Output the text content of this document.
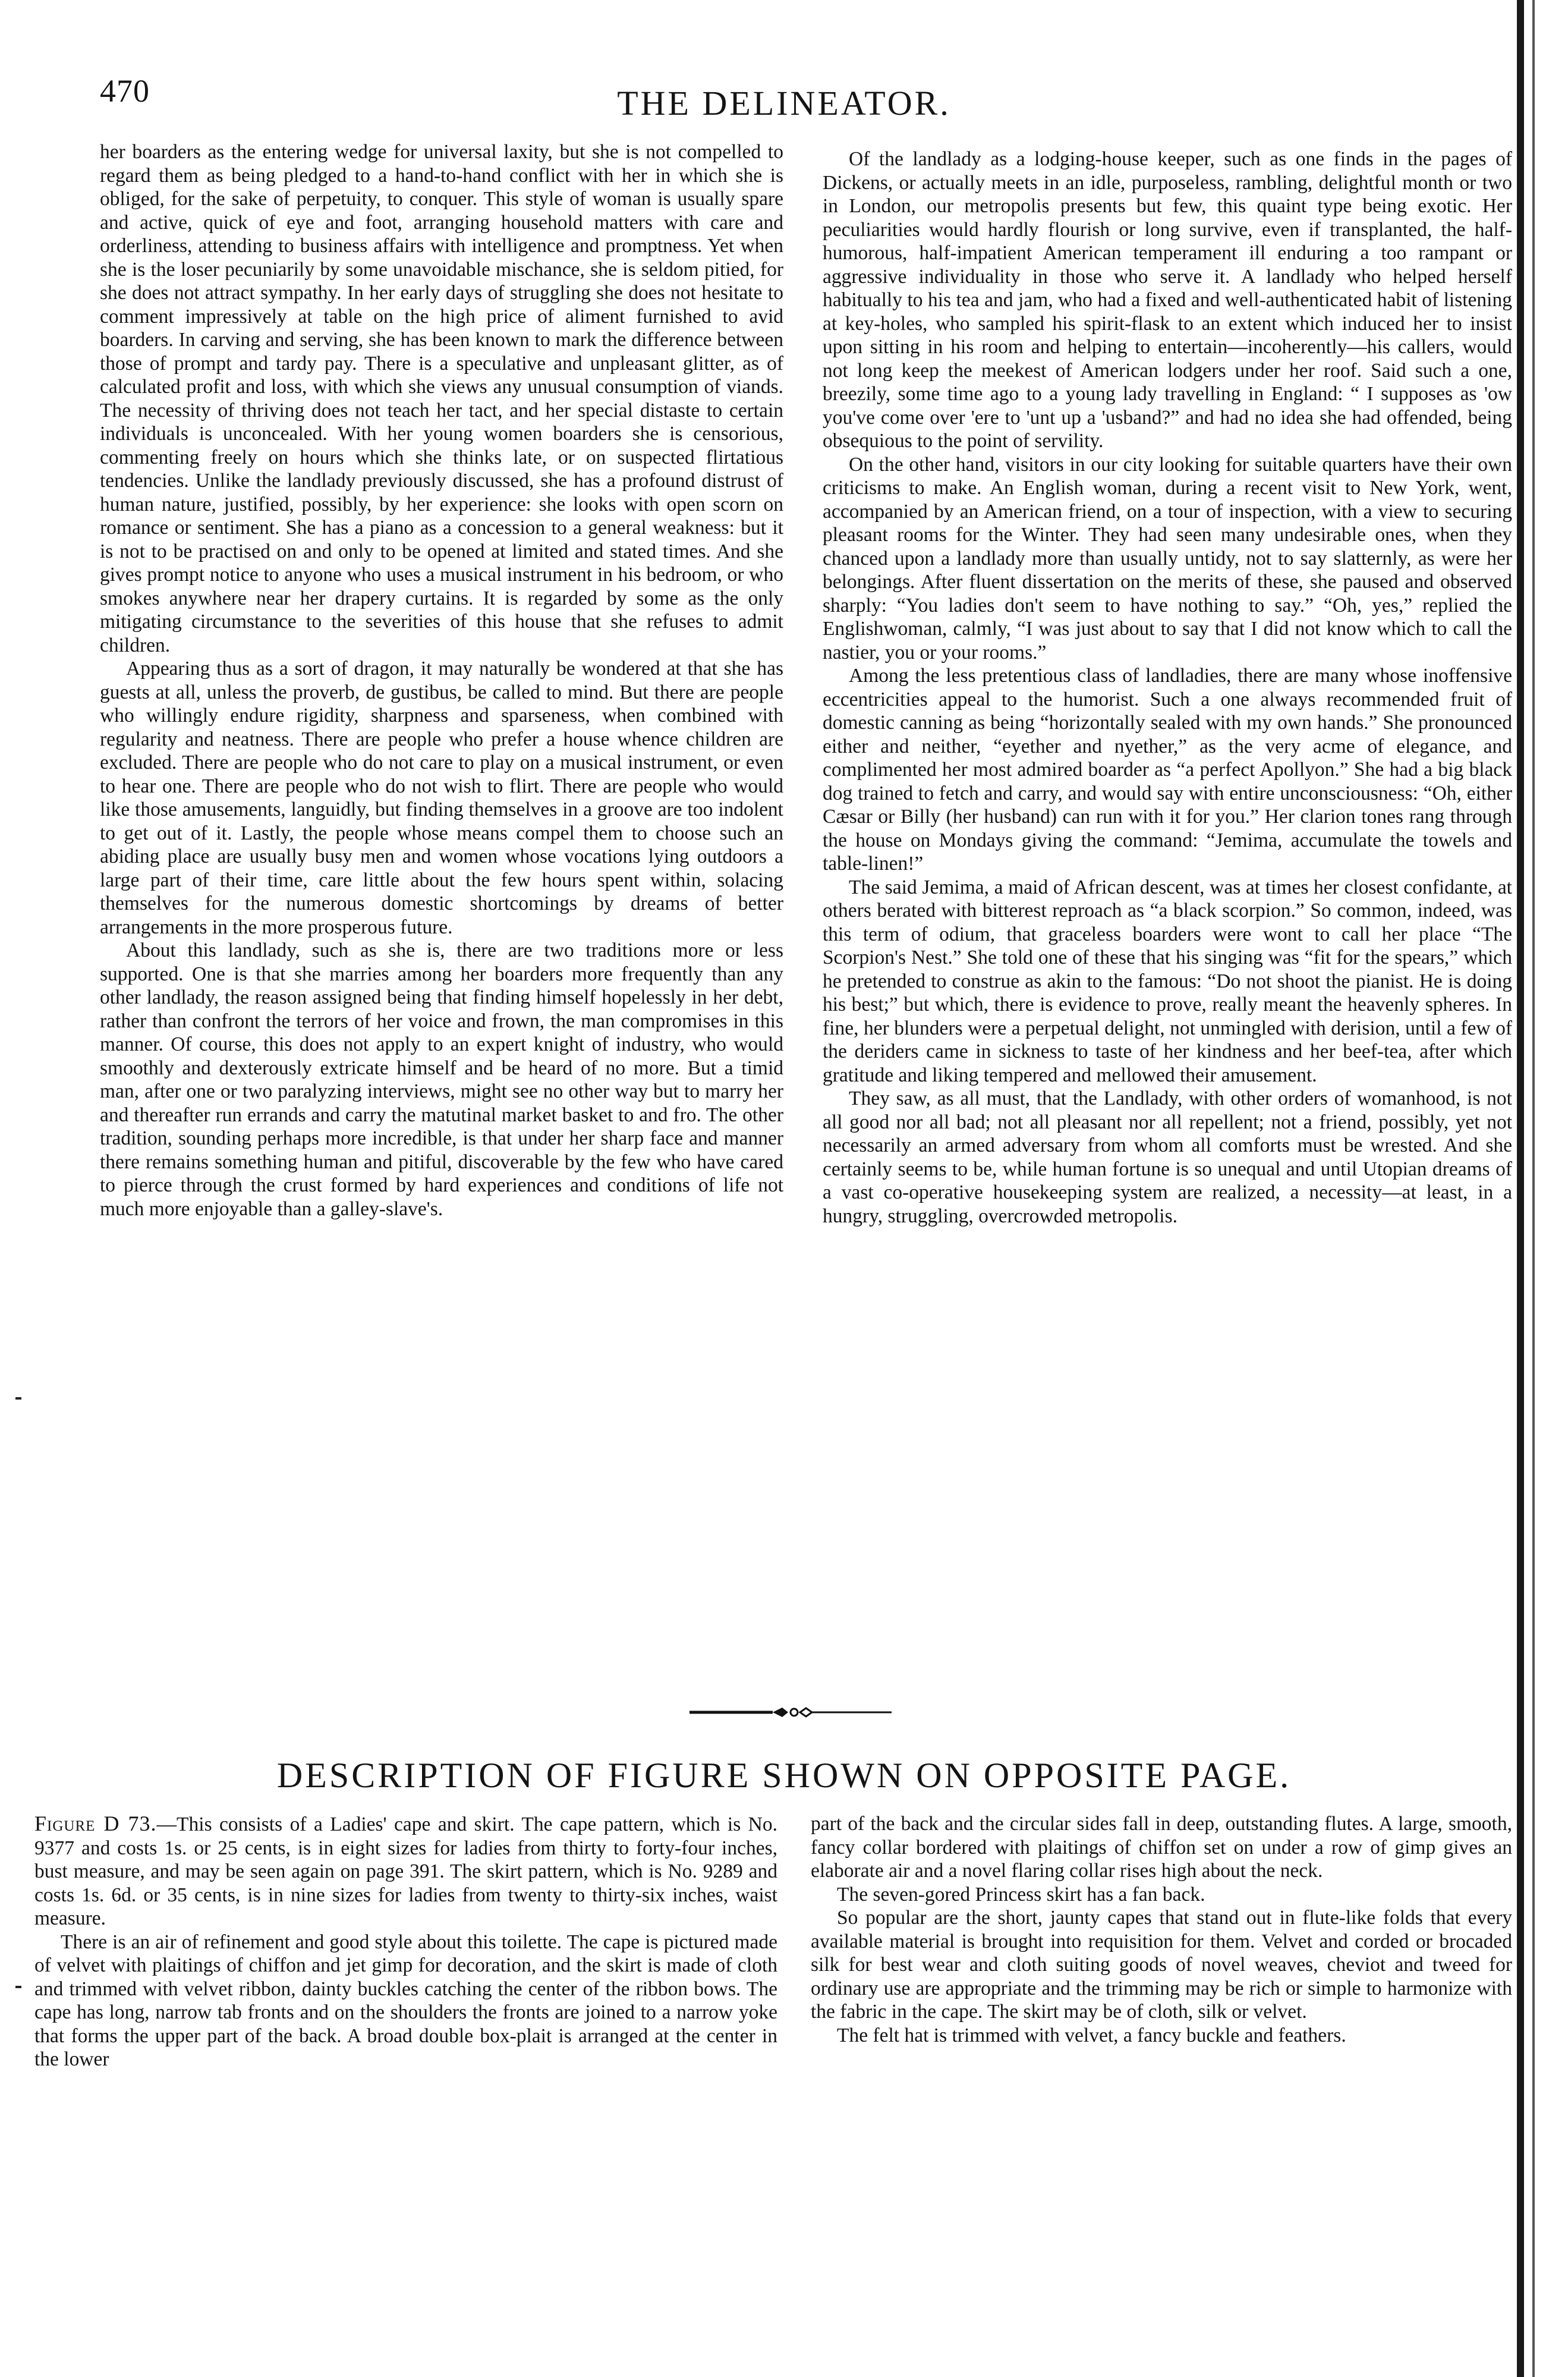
470	THE DELINEATOR.

her boarders as the entering wedge for universal laxity, but she is not compelled to regard them as being pledged to a hand-to-hand conflict with her in which she is obliged, for the sake of perpetuity, to conquer. This style of woman is usually spare and active, quick of eye and foot, arranging household matters with care and orderliness, attending to business affairs with intelligence and promptness. Yet when she is the loser pecuniarily by some unavoidable mischance, she is seldom pitied, for she does not attract sympathy. In her early days of struggling she does not hesitate to comment impressively at table on the high price of aliment furnished to avid boarders. In carving and serving, she has been known to mark the difference between those of prompt and tardy pay. There is a speculative and unpleasant glitter, as of calculated profit and loss, with which she views any unusual consumption of viands. The necessity of thriving does not teach her tact, and her special distaste to certain individuals is unconcealed. With her young women boarders she is censorious, commenting freely on hours which she thinks late, or on suspected flirtatious tendencies. Unlike the landlady previously discussed, she has a profound distrust of human nature, justified, possibly, by her experience: she looks with open scorn on romance or sentiment. She has a piano as a concession to a general weakness: but it is not to be practised on and only to be opened at limited and stated times. And she gives prompt notice to anyone who uses a musical instrument in his bedroom, or who smokes anywhere near her drapery curtains. It is regarded by some as the only mitigating circumstance to the severities of this house that she refuses to admit children.

Appearing thus as a sort of dragon, it may naturally be wondered at that she has guests at all, unless the proverb, de gustibus, be called to mind. But there are people who willingly endure rigidity, sharpness and sparseness, when combined with regularity and neatness. There are people who prefer a house whence children are excluded. There are people who do not care to play on a musical instrument, or even to hear one. There are people who do not wish to flirt. There are people who would like those amusements, languidly, but finding themselves in a groove are too indolent to get out of it. Lastly, the people whose means compel them to choose such an abiding place are usually busy men and women whose vocations lying outdoors a large part of their time, care little about the few hours spent within, solacing themselves for the numerous domestic shortcomings by dreams of better arrangements in the more prosperous future.

About this landlady, such as she is, there are two traditions more or less supported. One is that she marries among her boarders more frequently than any other landlady, the reason assigned being that finding himself hopelessly in her debt, rather than confront the terrors of her voice and frown, the man compromises in this manner. Of course, this does not apply to an expert knight of industry, who would smoothly and dexterously extricate himself and be heard of no more. But a timid man, after one or two paralyzing interviews, might see no other way but to marry her and thereafter run errands and carry the matutinal market basket to and fro. The other tradition, sounding perhaps more incredible, is that under her sharp face and manner there remains something human and pitiful, discoverable by the few who have cared to pierce through the crust formed by hard experiences and conditions of life not much more enjoyable than a galley-slave's.

Of the landlady as a lodging-house keeper, such as one finds in the pages of Dickens, or actually meets in an idle, purposeless, rambling, delightful month or two in London, our metropolis presents but few, this quaint type being exotic. Her peculiarities would hardly flourish or long survive, even if transplanted, the half-humorous, half-impatient American temperament ill enduring a too rampant or aggressive individuality in those who serve it. A landlady who helped herself habitually to his tea and jam, who had a fixed and well-authenticated habit of listening at key-holes, who sampled his spirit-flask to an extent which induced her to insist upon sitting in his room and helping to entertain—incoherently—his callers, would not long keep the meekest of American lodgers under her roof. Said such a one, breezily, some time ago to a young lady travelling in England: “ I supposes as 'ow you've come over 'ere to 'unt up a 'usband?” and had no idea she had offended, being obsequious to the point of servility.

On the other hand, visitors in our city looking for suitable quarters have their own criticisms to make. An English woman, during a recent visit to New York, went, accompanied by an American friend, on a tour of inspection, with a view to securing pleasant rooms for the Winter. They had seen many undesirable ones, when they chanced upon a landlady more than usually untidy, not to say slatternly, as were her belongings. After fluent dissertation on the merits of these, she paused and observed sharply: “You ladies don't seem to have nothing to say.” “Oh, yes,” replied the Englishwoman, calmly, “I was just about to say that I did not know which to call the nastier, you or your rooms.”

Among the less pretentious class of landladies, there are many whose inoffensive eccentricities appeal to the humorist. Such a one always recommended fruit of domestic canning as being “horizontally sealed with my own hands.” She pronounced either and neither, “eyether and nyether,” as the very acme of elegance, and complimented her most admired boarder as “a perfect Apollyon.” She had a big black dog trained to fetch and carry, and would say with entire unconsciousness: “Oh, either Cæsar or Billy (her husband) can run with it for you.” Her clarion tones rang through the house on Mondays giving the command: “Jemima, accumulate the towels and table-linen!”

The said Jemima, a maid of African descent, was at times her closest confidante, at others berated with bitterest reproach as “a black scorpion.” So common, indeed, was this term of odium, that graceless boarders were wont to call her place “The Scorpion's Nest.” She told one of these that his singing was “fit for the spears,” which he pretended to construe as akin to the famous: “Do not shoot the pianist. He is doing his best;” but which, there is evidence to prove, really meant the heavenly spheres. In fine, her blunders were a perpetual delight, not unmingled with derision, until a few of the deriders came in sickness to taste of her kindness and her beef-tea, after which gratitude and liking tempered and mellowed their amusement.

They saw, as all must, that the Landlady, with other orders of womanhood, is not all good nor all bad; not all pleasant nor all repellent; not a friend, possibly, yet not necessarily an armed adversary from whom all comforts must be wrested. And she certainly seems to be, while human fortune is so unequal and until Utopian dreams of a vast co-operative housekeeping system are realized, a necessity—at least, in a hungry, struggling, overcrowded metropolis.

DESCRIPTION OF FIGURE SHOWN ON OPPOSITE PAGE.

Figure D 73.—This consists of a Ladies' cape and skirt. The cape pattern, which is No. 9377 and costs 1s. or 25 cents, is in eight sizes for ladies from thirty to forty-four inches, bust measure, and may be seen again on page 391. The skirt pattern, which is No. 9289 and costs 1s. 6d. or 35 cents, is in nine sizes for ladies from twenty to thirty-six inches, waist measure.

There is an air of refinement and good style about this toilette. The cape is pictured made of velvet with plaitings of chiffon and jet gimp for decoration, and the skirt is made of cloth and trimmed with velvet ribbon, dainty buckles catching the center of the ribbon bows. The cape has long, narrow tab fronts and on the shoulders the fronts are joined to a narrow yoke that forms the upper part of the back. A broad double box-plait is arranged at the center in the lower

part of the back and the circular sides fall in deep, outstanding flutes. A large, smooth, fancy collar bordered with plaitings of chiffon set on under a row of gimp gives an elaborate air and a novel flaring collar rises high about the neck.

The seven-gored Princess skirt has a fan back.

So popular are the short, jaunty capes that stand out in flute-like folds that every available material is brought into requisition for them. Velvet and corded or brocaded silk for best wear and cloth suiting goods of novel weaves, cheviot and tweed for ordinary use are appropriate and the trimming may be rich or simple to harmonize with the fabric in the cape. The skirt may be of cloth, silk or velvet.

The felt hat is trimmed with velvet, a fancy buckle and feathers.
